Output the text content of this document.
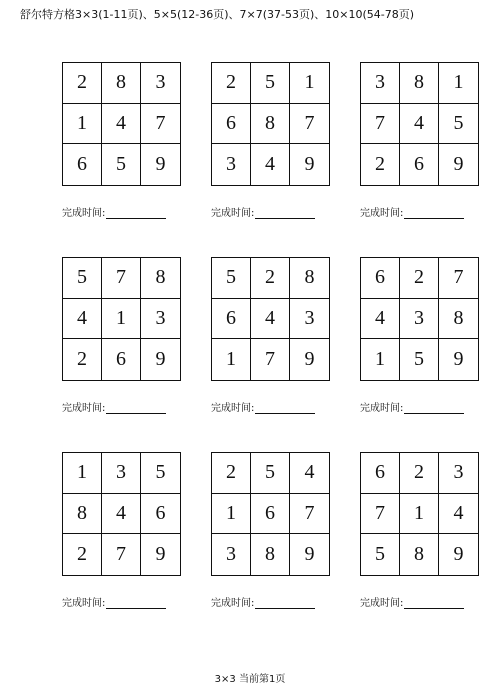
舒尔特方格3×3(1-11页)、5×5(12-36页)、7×7(37-53页)、10×10(54-78页)
2	8	3
1	4	7
6	5	9
完成时间:
2	5	1
6	8	7
3	4	9
完成时间:
3	8	1
7	4	5
2	6	9
完成时间:
5	7	8
4	1	3
2	6	9
完成时间:
5	2	8
6	4	3
1	7	9
完成时间:
6	2	7
4	3	8
1	5	9
完成时间:
1	3	5
8	4	6
2	7	9
完成时间:
2	5	4
1	6	7
3	8	9
完成时间:
6	2	3
7	1	4
5	8	9
完成时间:
3×3 当前第1页
